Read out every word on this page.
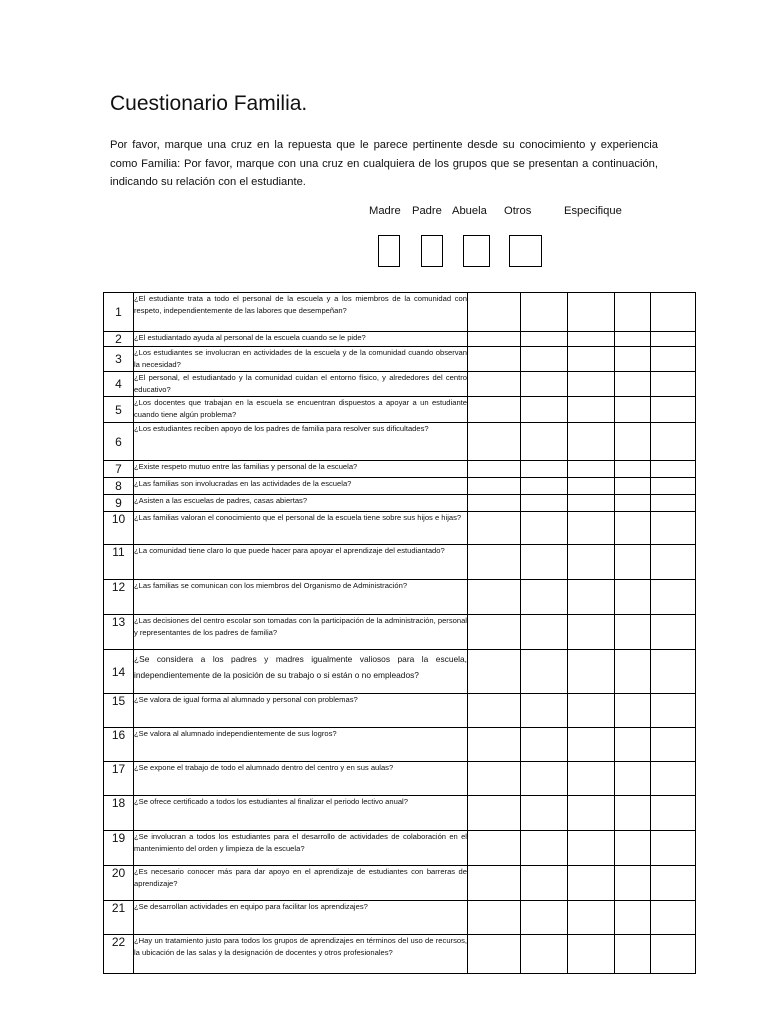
Cuestionario Familia.

Por favor, marque una cruz en la repuesta que le parece pertinente desde su conocimiento y experiencia como Familia: Por favor, marque con una cruz en cualquiera de los grupos que se presentan a continuación, indicando su relación con el estudiante.

Madre Padre Abuela Otros	Especifique
1	¿El estudiante trata a todo el personal de la escuela y a los miembros de la comunidad con respeto, independientemente de las labores que desempeñan?					
2	¿El estudiantado ayuda al personal de la escuela cuando se le pide?					
3	¿Los estudiantes se involucran en actividades de la escuela y de la comunidad cuando observan la necesidad?					
4	¿El personal, el estudiantado y la comunidad cuidan el entorno físico, y alrededores del centro educativo?					
5	¿Los docentes que trabajan en la escuela se encuentran dispuestos a apoyar a un estudiante cuando tiene algún problema?					
6	¿Los estudiantes reciben apoyo de los padres de familia para resolver sus dificultades?					
7	¿Existe respeto mutuo entre las familias y personal de la escuela?					
8	¿Las familias son involucradas en las actividades de la escuela?					
9	¿Asisten a las escuelas de padres, casas abiertas?					
10	¿Las familias valoran el conocimiento que el personal de la escuela tiene sobre sus hijos e hijas?					
11	¿La comunidad tiene claro lo que puede hacer para apoyar el aprendizaje del estudiantado?					
12	¿Las familias se comunican con los miembros del Organismo de Administración?					
13	¿Las decisiones del centro escolar son tomadas con la participación de la administración, personal y representantes de los padres de familia?					
14	¿Se considera a los padres y madres igualmente valiosos para la escuela, independientemente de la posición de su trabajo o si están o no empleados?					
15	¿Se valora de igual forma al alumnado y personal con problemas?					
16	¿Se valora al alumnado independientemente de sus logros?					
17	¿Se expone el trabajo de todo el alumnado dentro del centro y en sus aulas?					
18	¿Se ofrece certificado a todos los estudiantes al finalizar el periodo lectivo anual?					
19	¿Se involucran a todos los estudiantes para el desarrollo de actividades de colaboración en el mantenimiento del orden y limpieza de la escuela?					
20	¿Es necesario conocer más para dar apoyo en el aprendizaje de estudiantes con barreras de aprendizaje?					
21	¿Se desarrollan actividades en equipo para facilitar los aprendizajes?					
22	¿Hay un tratamiento justo para todos los grupos de aprendizajes en términos del uso de recursos, la ubicación de las salas y la designación de docentes y otros profesionales?					
